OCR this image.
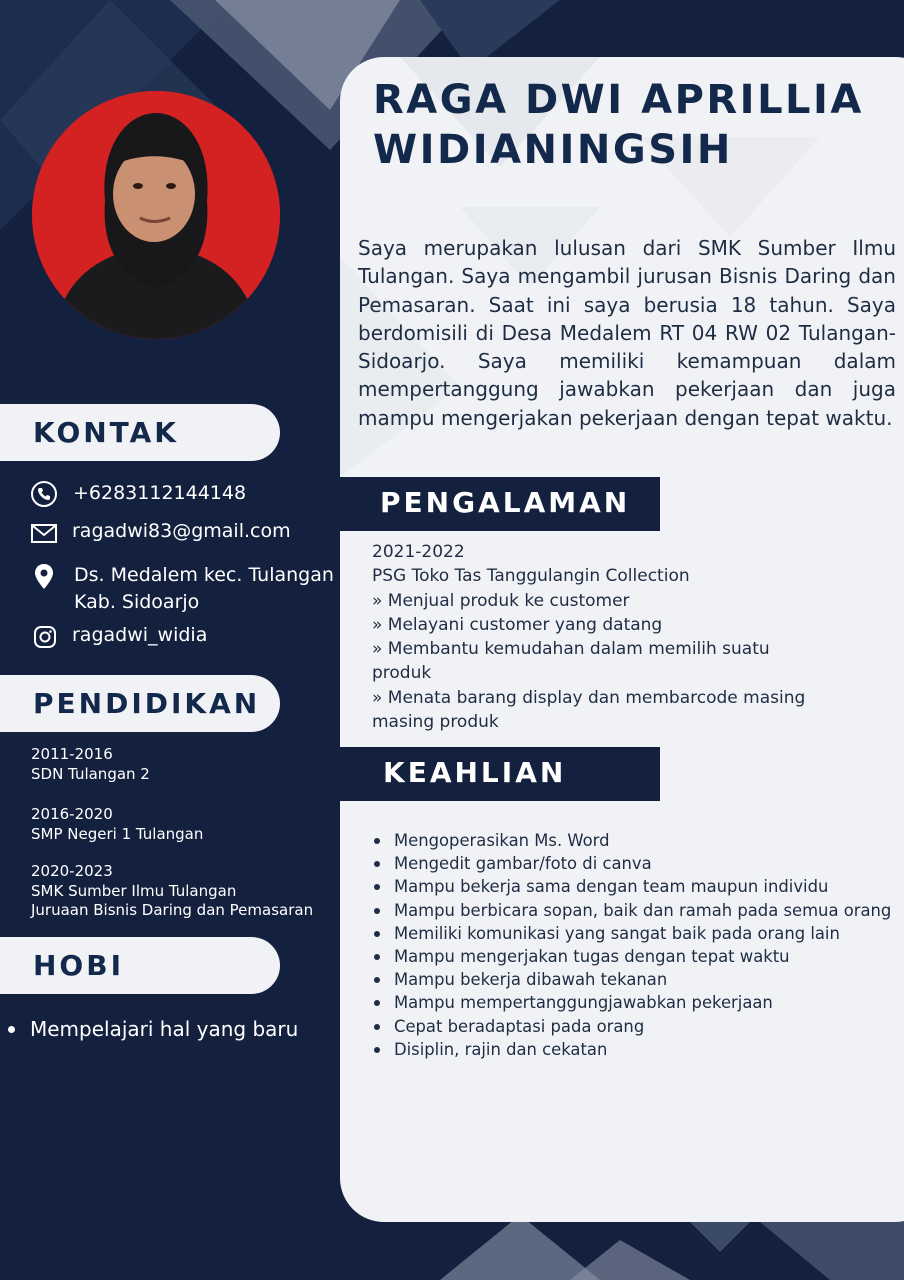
RAGA DWI APRILLIA
WIDIANINGSIH

Saya merupakan lulusan dari SMK Sumber Ilmu Tulangan. Saya mengambil jurusan Bisnis Daring dan Pemasaran. Saat ini saya berusia 18 tahun. Saya berdomisili di Desa Medalem RT 04 RW 02 Tulangan-Sidoarjo. Saya memiliki kemampuan dalam mempertanggung jawabkan pekerjaan dan juga mampu mengerjakan pekerjaan dengan tepat waktu.

KONTAK
+6283112144148
ragadwi83@gmail.com
Ds. Medalem kec. Tulangan
Kab. Sidoarjo
ragadwi_widia
PENDIDIKAN
2011-2016
SDN Tulangan 2
2016-2020
SMP Negeri 1 Tulangan
2020-2023
SMK Sumber Ilmu Tulangan
Juruaan Bisnis Daring dan Pemasaran
HOBI
Mempelajari hal yang baru
PENGALAMAN
2021-2022
PSG Toko Tas Tanggulangin Collection
» Menjual produk ke customer
» Melayani customer yang datang
» Membantu kemudahan dalam memilih suatu
produk
» Menata barang display dan membarcode masing
masing produk
KEAHLIAN
Mengoperasikan Ms. Word
Mengedit gambar/foto di canva
Mampu bekerja sama dengan team maupun individu
Mampu berbicara sopan, baik dan ramah pada semua orang
Memiliki komunikasi yang sangat baik pada orang lain
Mampu mengerjakan tugas dengan tepat waktu
Mampu bekerja dibawah tekanan
Mampu mempertanggungjawabkan pekerjaan
Cepat beradaptasi pada orang
Disiplin, rajin dan cekatan
